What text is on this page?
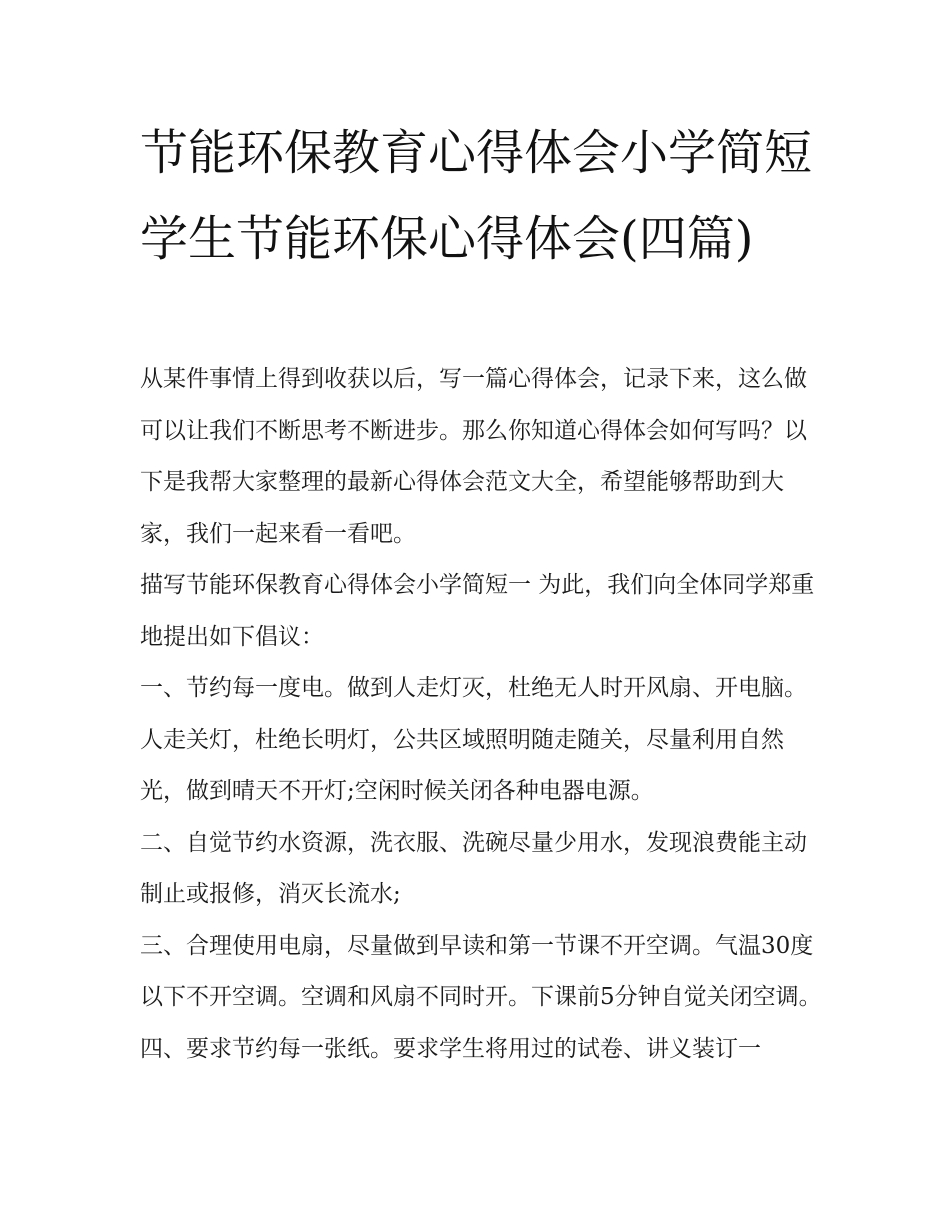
节能环保教育心得体会小学简短 学生节能环保心得体会(四篇)

从某件事情上得到收获以后，写一篇心得体会，记录下来，这么做可以让我们不断思考不断进步。那么你知道心得体会如何写吗？以下是我帮大家整理的最新心得体会范文大全，希望能够帮助到大家，我们一起来看一看吧。

描写节能环保教育心得体会小学简短一 为此，我们向全体同学郑重地提出如下倡议：

一、节约每一度电。做到人走灯灭，杜绝无人时开风扇、开电脑。人走关灯，杜绝长明灯，公共区域照明随走随关，尽量利用自然光，做到晴天不开灯;空闲时候关闭各种电器电源。

二、自觉节约水资源，洗衣服、洗碗尽量少用水，发现浪费能主动制止或报修，消灭长流水;

三、合理使用电扇，尽量做到早读和第一节课不开空调。气温30度以下不开空调。空调和风扇不同时开。下课前5分钟自觉关闭空调。

四、要求节约每一张纸。要求学生将用过的试卷、讲义装订一
